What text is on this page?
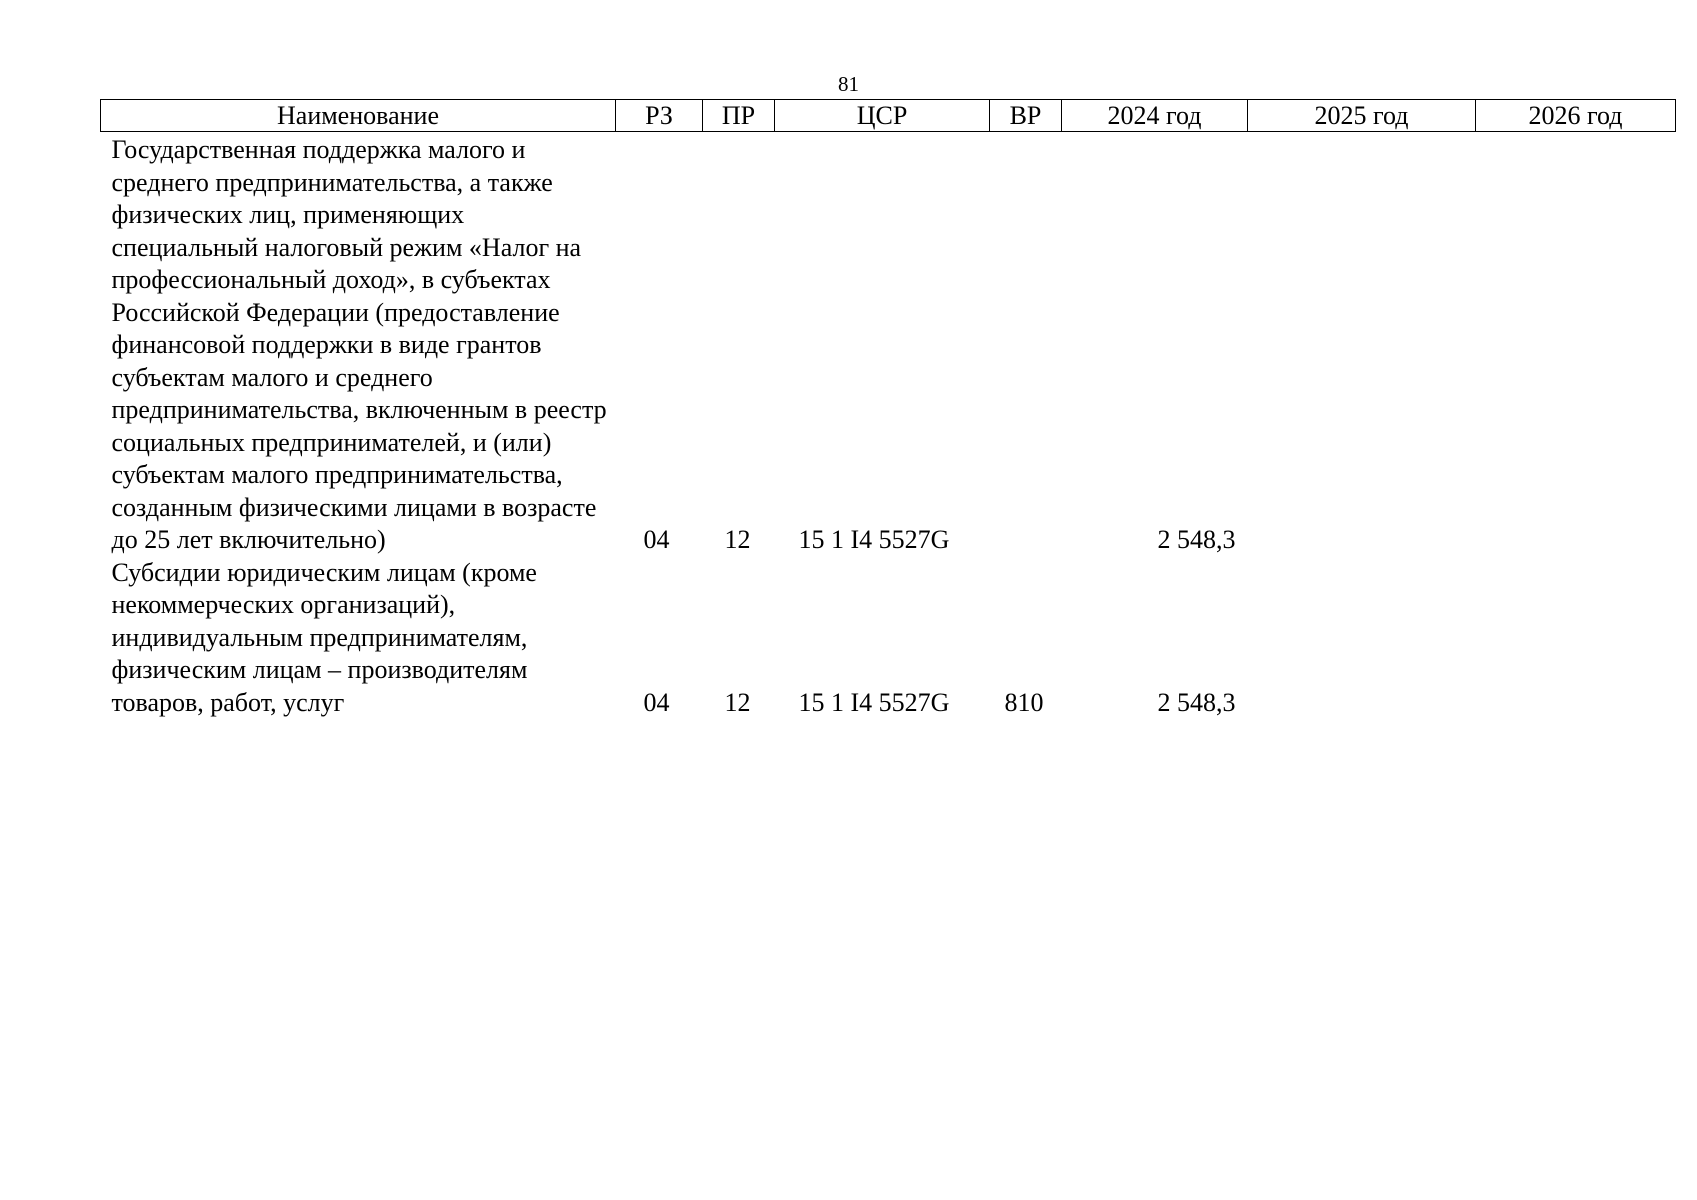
81
Наименование	РЗ	ПР	ЦСР	ВР	2024 год	2025 год	2026 год
Государственная поддержка малого и среднего предпринимательства, а также физических лиц, применяющих специальный налоговый режим «Налог на профессиональный доход», в субъектах Российской Федерации (предоставление финансовой поддержки в виде грантов субъектам малого и среднего предпринимательства, включенным в реестр социальных предпринимателей, и (или) субъектам малого предпринимательства, созданным физическими лицами в возрасте до 25 лет включительно)	04	12	15 1 I4 5527G		2 548,3		
Субсидии юридическим лицам (кроме некоммерческих организаций), индивидуальным предпринимателям, физическим лицам – производителям товаров, работ, услуг	04	12	15 1 I4 5527G	810	2 548,3		
